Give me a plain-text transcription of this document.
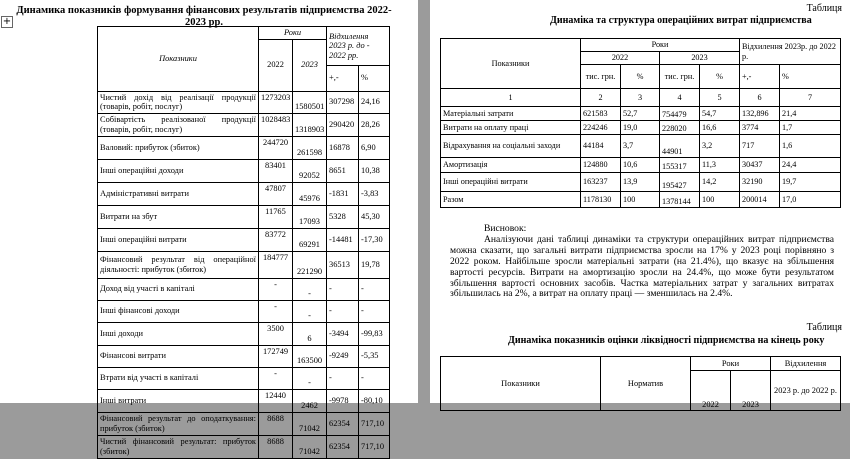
+
Динамика показників формування фінансових результатів підприємства 2022-2023 рр.
Показники	Роки		Відхилення 2023 р. до - 2022 рр.	
	2022	2023		
			+,-	%
Чистий дохід від реалізації продукції (товарів, робіт, послуг)	1273203	1580501	307298	24,16
Собівартість реалізованої продукції (товарів, робіт, послуг)	1028483	1318903	290420	28,26
Валовий: прибуток (збиток)	244720	261598	16878	6,90
Інші операційні доходи	83401	92052	8651	10,38
Адміністративні витрати	47807	45976	-1831	-3,83
Витрати на збут	11765	17093	5328	45,30
Інші операційні витрати	83772	69291	-14481	-17,30
Фінансовий результат від операційної діяльності: прибуток (збиток)	184777	221290	36513	19,78
Доход від участі в капіталі	-	-	-	-
Інші фінансові доходи	-	-	-	-
Інші доходи	3500	6	-3494	-99,83
Фінансові витрати	172749	163500	-9249	-5,35
Втрати від участі в капіталі	-	-	-	-
Інші витрати	12440	2462	-9978	-80,10
Фінансовий результат до оподаткування: прибуток (збиток)	8688	71042	62354	717,10
Чистий фінансовий результат: прибуток (збиток)	8688	71042	62354	717,10
Таблиця
Динаміка та структура операційних витрат підприємства
Показники	Роки				Відхилення 2023р. до 2022 р.	
	2022		2023			
	тис. грн.	%	тис. грн.	%	+,-	%
1	2	3	4	5	6	7
Матеріальні затрати	621583	52,7	754479	54,7	132,896	21,4
Витрати на оплату праці	224246	19,0	228020	16,6	3774	1,7
Відрахування на соціальні заходи	44184	3,7	44901	3,2	717	1,6
Амортизація	124880	10,6	155317	11,3	30437	24,4
Інші операційні витрати	163237	13,9	195427	14,2	32190	19,7
Разом	1178130	100	1378144	100	200014	17,0
Висновок:

Аналізуючи дані таблиці динаміки та структури операційних витрат підприємства можна сказати, що загальні витрати підприємства зросли на 17% у 2023 році порівняно з 2022 роком. Найбільше зросли матеріальні затрати (на 21.4%), що вказує на збільшення вартості ресурсів. Витрати на амортизацію зросли на 24.4%, що може бути результатом збільшення вартості основних засобів. Частка матеріальних затрат у загальних витратах збільшилась на 2%, а витрат на оплату праці — зменшилась на 2.4%.

Таблиця
Динаміка показників оцінки ліквідності підприємства на кінець року
Показники	Норматив	Роки		Відхилення
		2022	2023	2023 р. до 2022 р.
